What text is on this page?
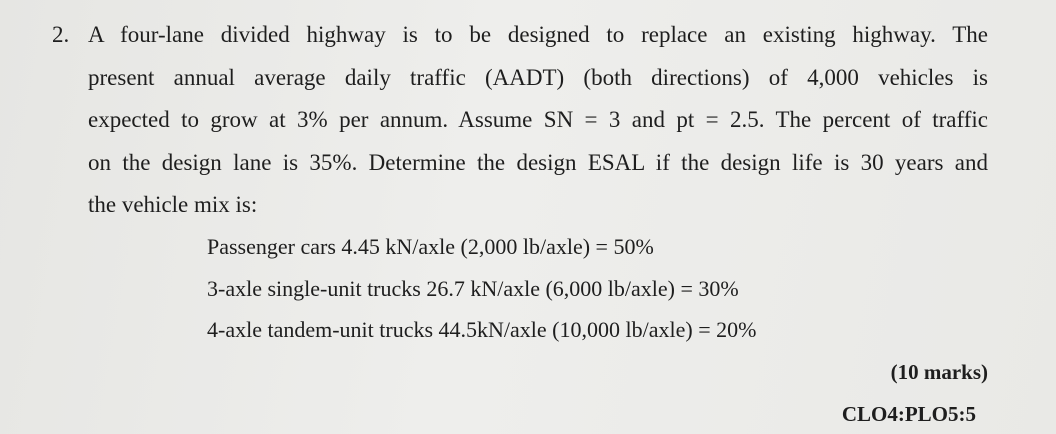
2. A four-lane divided highway is to be designed to replace an existing highway. The
present annual average daily traffic (AADT) (both directions) of 4,000 vehicles is
expected to grow at 3% per annum. Assume SN = 3 and pt = 2.5. The percent of traffic
on the design lane is 35%. Determine the design ESAL if the design life is 30 years and
the vehicle mix is:
Passenger cars 4.45 kN/axle (2,000 lb/axle) = 50%
3-axle single-unit trucks 26.7 kN/axle (6,000 lb/axle) = 30%
4-axle tandem-unit trucks 44.5kN/axle (10,000 lb/axle) = 20%
(10 marks)
CLO4:PLO5:5
